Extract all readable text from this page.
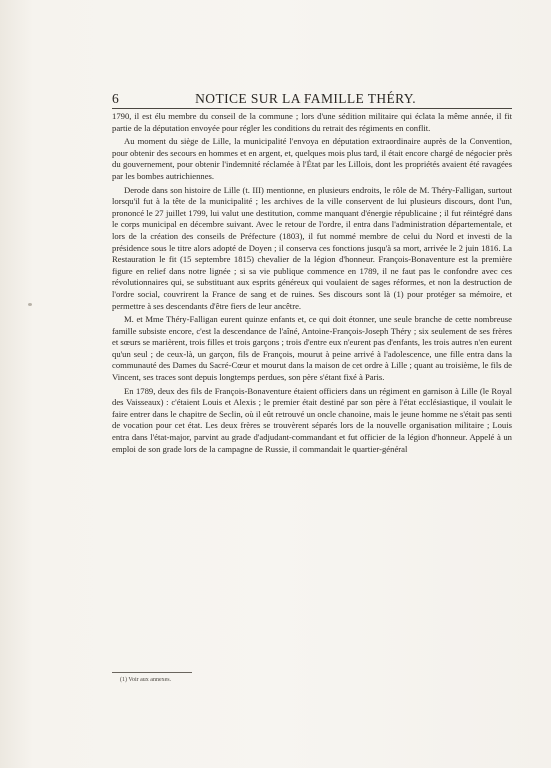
6	NOTICE SUR LA FAMILLE THÉRY.

1790, il est élu membre du conseil de la commune ; lors d'une sédition militaire qui éclata la même année, il fit partie de la députation envoyée pour régler les conditions du retrait des régiments en conflit.

Au moment du siège de Lille, la municipalité l'envoya en députation extraordinaire auprès de la Convention, pour obtenir des secours en hommes et en argent, et, quelques mois plus tard, il était encore chargé de négocier près du gouvernement, pour obtenir l'indemnité réclamée à l'État par les Lillois, dont les propriétés avaient été ravagées par les bombes autrichiennes.

Derode dans son histoire de Lille (t. III) mentionne, en plusieurs endroits, le rôle de M. Théry-Falligan, surtout lorsqu'il fut à la tête de la municipalité ; les archives de la ville conservent de lui plusieurs discours, dont l'un, prononcé le 27 juillet 1799, lui valut une destitution, comme manquant d'énergie républicaine ; il fut réintégré dans le corps municipal en décembre suivant. Avec le retour de l'ordre, il entra dans l'administration départementale, et lors de la création des conseils de Préfecture (1803), il fut nommé membre de celui du Nord et investi de la présidence sous le titre alors adopté de Doyen ; il conserva ces fonctions jusqu'à sa mort, arrivée le 2 juin 1816. La Restauration le fit (15 septembre 1815) chevalier de la légion d'honneur. François-Bonaventure est la première figure en relief dans notre lignée ; si sa vie publique commence en 1789, il ne faut pas le confondre avec ces révolutionnaires qui, se substituant aux esprits généreux qui voulaient de sages réformes, et non la destruction de l'ordre social, couvrirent la France de sang et de ruines. Ses discours sont là (1) pour protéger sa mémoire, et permettre à ses descendants d'être fiers de leur ancêtre.

M. et Mme Théry-Falligan eurent quinze enfants et, ce qui doit étonner, une seule branche de cette nombreuse famille subsiste encore, c'est la descendance de l'aîné, Antoine-François-Joseph Théry ; six seulement de ses frères et sœurs se marièrent, trois filles et trois garçons ; trois d'entre eux n'eurent pas d'enfants, les trois autres n'en eurent qu'un seul ; de ceux-là, un garçon, fils de François, mourut à peine arrivé à l'adolescence, une fille entra dans la communauté des Dames du Sacré-Cœur et mourut dans la maison de cet ordre à Lille ; quant au troisième, le fils de Vincent, ses traces sont depuis longtemps perdues, son père s'étant fixé à Paris.

En 1789, deux des fils de François-Bonaventure étaient officiers dans un régiment en garnison à Lille (le Royal des Vaisseaux) : c'étaient Louis et Alexis ; le premier était destiné par son père à l'état ecclésiastique, il voulait le faire entrer dans le chapitre de Seclin, où il eût retrouvé un oncle chanoine, mais le jeune homme ne s'était pas senti de vocation pour cet état. Les deux frères se trouvèrent séparés lors de la nouvelle organisation militaire ; Louis entra dans l'état-major, parvint au grade d'adjudant-commandant et fut officier de la légion d'honneur. Appelé à un emploi de son grade lors de la campagne de Russie, il commandait le quartier-général

(1) Voir aux annexes.
